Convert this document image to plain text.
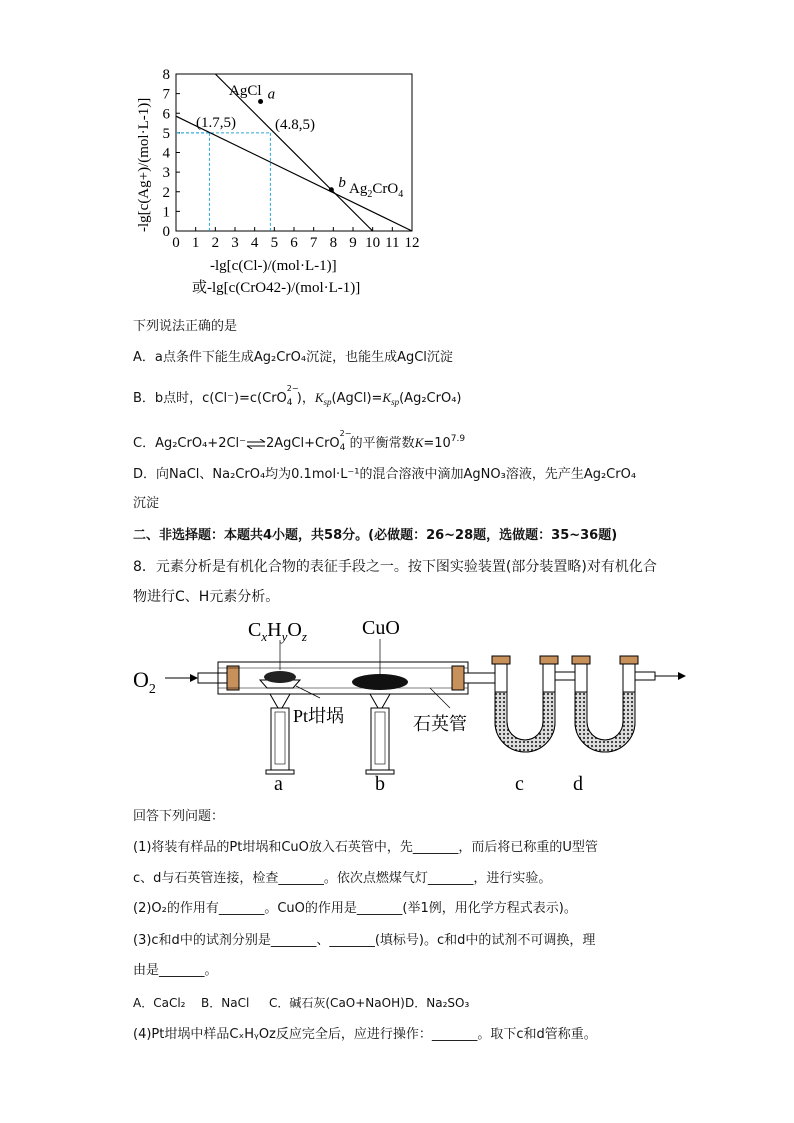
0 1 2 3 4 5 6 7 8 9 10 11 12
0
1
2
3
4
5
6
7
8
a
b
AgCl
$Ag_2CrO_4$
(1.7,5)	(4.8,5)
-lg[c(Ag+)/(mol·L-1)]
-lg[c(Cl-)/(mol·L-1)]
或-lg[c(CrO42-)/(mol·L-1)]
下列说法正确的是
A．a点条件下能生成Ag₂CrO₄沉淀，也能生成AgCl沉淀
B．b点时，c(Cl⁻)=c(CrO
2−
$_4$ )，$K_{sp}(AgCl)=K_{sp}(Ag_2CrO_4)$
C．Ag₂CrO₄+2Cl⁻⇌2AgCl+CrO
2−
$_4$ 的平衡常数$K=10^{7.9}$
D．向NaCl、Na₂CrO₄均为0.1mol·L⁻¹的混合溶液中滴加AgNO₃溶液，先产生Ag₂CrO₄
沉淀
二、非选择题：本题共4小题，共58分。(必做题：26~28题，选做题：35~36题)
8．元素分析是有机化合物的表征手段之一。按下图实验装置(部分装置略)对有机化合
物进行C、H元素分析。
$O_2$
$C_xH_yO_z$	CuO
Pt坩埚	石英管
a	b	c d
回答下列问题：
(1)将装有样品的Pt坩埚和CuO放入石英管中，先_______，而后将已称重的U型管
c、d与石英管连接，检查_______。依次点燃煤气灯_______，进行实验。
(2)O₂的作用有_______。CuO的作用是_______(举1例，用化学方程式表示)。
(3)c和d中的试剂分别是_______、_______(填标号)。c和d中的试剂不可调换，理
由是_______。
A．CaCl₂ B．NaCl C．碱石灰(CaO+NaOH)D．Na₂SO₃
(4)Pt坩埚中样品CₓHᵧOz反应完全后，应进行操作：_______。取下c和d管称重。
